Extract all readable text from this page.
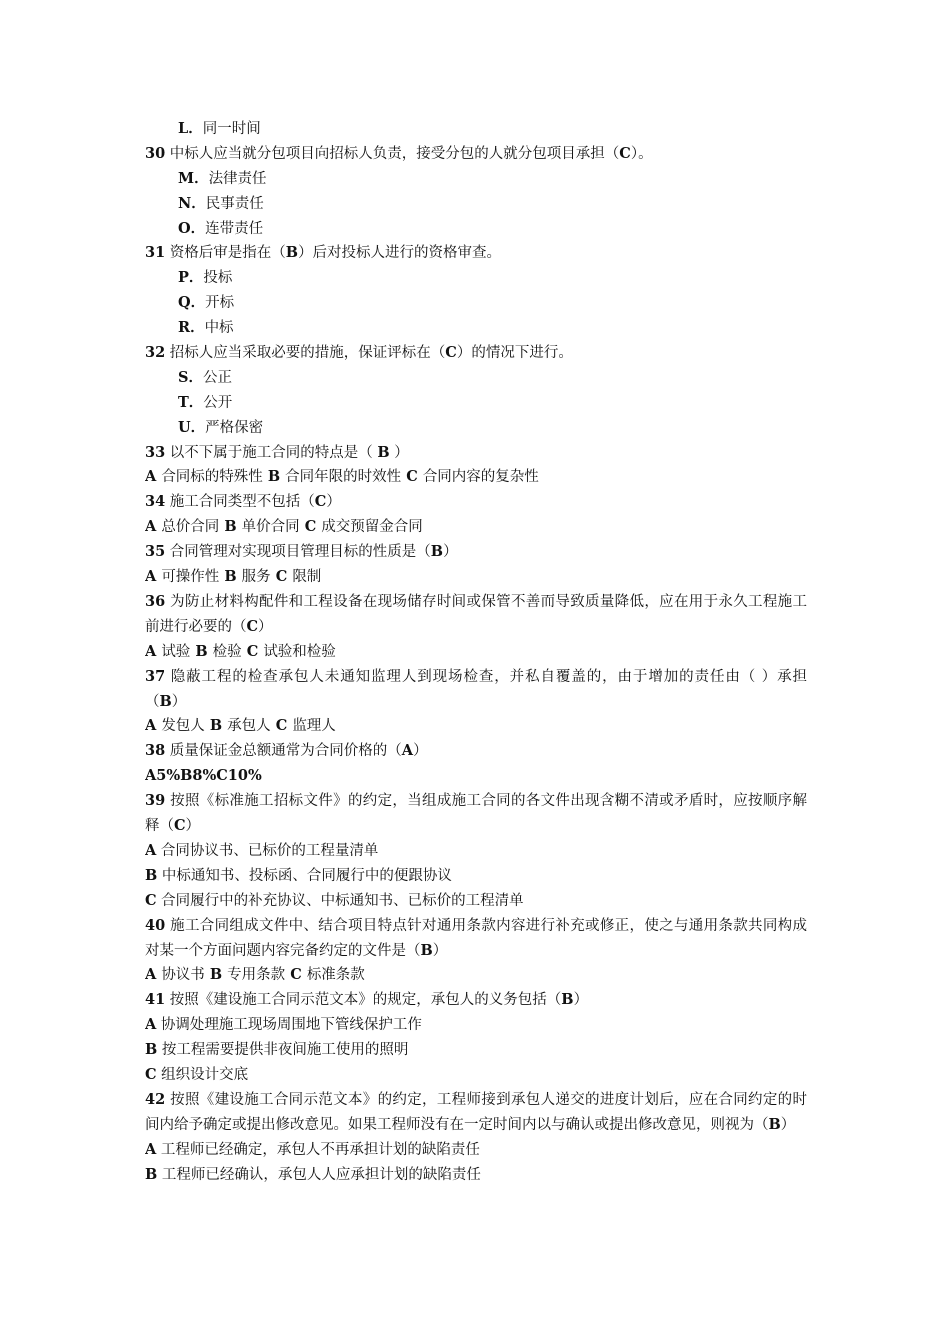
L．同一时间
30 中标人应当就分包项目向招标人负责，接受分包的人就分包项目承担（C）。
M．法律责任
N．民事责任
O．连带责任
31 资格后审是指在（B）后对投标人进行的资格审查。
P．投标
Q．开标
R．中标
32 招标人应当采取必要的措施，保证评标在（C）的情况下进行。
S．公正
T．公开
U．严格保密
33 以不下属于施工合同的特点是（ B ）
A 合同标的特殊性 B 合同年限的时效性 C 合同内容的复杂性
34 施工合同类型不包括（C）
A 总价合同 B 单价合同 C 成交预留金合同
35 合同管理对实现项目管理目标的性质是（B）
A 可操作性 B 服务 C 限制
36 为防止材料构配件和工程设备在现场储存时间或保管不善而导致质量降低，应在用于永久工程施工前进行必要的（C）
A 试验 B 检验 C 试验和检验
37 隐蔽工程的检查承包人未通知监理人到现场检查，并私自覆盖的，由于增加的责任由（ ）承担（B）
A 发包人 B 承包人 C 监理人
38 质量保证金总额通常为合同价格的（A）
A5%B8%C10%
39 按照《标准施工招标文件》的约定，当组成施工合同的各文件出现含糊不清或矛盾时，应按顺序解释（C）
A 合同协议书、已标价的工程量清单
B 中标通知书、投标函、合同履行中的便跟协议
C 合同履行中的补充协议、中标通知书、已标价的工程清单
40 施工合同组成文件中、结合项目特点针对通用条款内容进行补充或修正，使之与通用条款共同构成对某一个方面问题内容完备约定的文件是（B）
A 协议书 B 专用条款 C 标准条款
41 按照《建设施工合同示范文本》的规定，承包人的义务包括（B）
A 协调处理施工现场周围地下管线保护工作
B 按工程需要提供非夜间施工使用的照明
C 组织设计交底
42 按照《建设施工合同示范文本》的约定，工程师接到承包人递交的进度计划后，应在合同约定的时间内给予确定或提出修改意见。如果工程师没有在一定时间内以与确认或提出修改意见，则视为（B）
A 工程师已经确定，承包人不再承担计划的缺陷责任
B 工程师已经确认，承包人人应承担计划的缺陷责任
